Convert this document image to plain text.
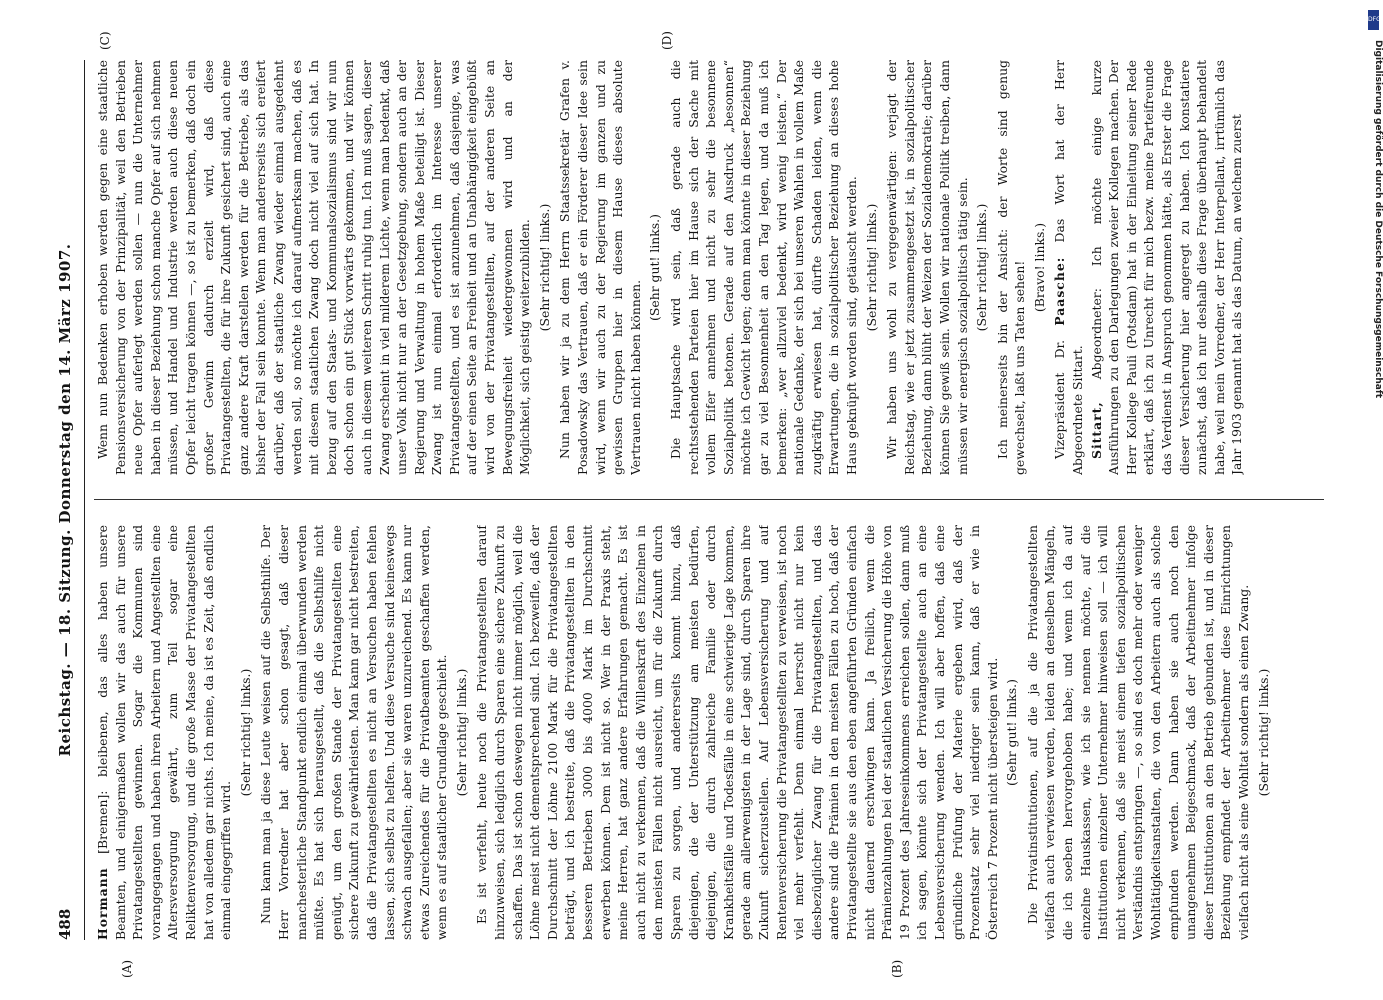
488
Reichstag. — 18. Sitzung. Donnerstag den 14. März 1907.
(A)	(B)
(C)	(D)

Hormann [Bremen]: bleibenen, das alles haben unsere Beamten, und einigermaßen wollen wir das auch für unsere Privatangestellten gewinnen. Sogar die Kommunen sind vorangegangen und haben ihren Arbeitern und Angestellten eine Altersversorgung gewährt, zum Teil sogar eine Reliktenversorgung, und die große Masse der Privatangestellten hat von alledem gar nichts. Ich meine, da ist es Zeit, daß endlich einmal eingegriffen wird.

(Sehr richtig! links.) Nun kann man ja diese Leute weisen auf die Selbsthilfe. Der Herr Vorredner hat aber schon gesagt, daß dieser manchesterliche Standpunkt endlich einmal überwunden werden müßte. Es hat sich herausgestellt, daß die Selbsthilfe nicht genügt, um den großen Stande der Privatangestellten eine sichere Zukunft zu gewährleisten. Man kann gar nicht bestreiten, daß die Privatangestellten es nicht an Versuchen haben fehlen lassen, sich selbst zu helfen. Und diese Versuche sind keineswegs schwach ausgefallen; aber sie waren unzureichend. Es kann nur etwas Zureichendes für die Privatbeamten geschaffen werden, wenn es auf staatlicher Grundlage geschieht. (Sehr richtig! links.) Es ist verfehlt, heute noch die Privatangestellten darauf hinzuweisen, sich lediglich durch Sparen eine sichere Zukunft zu schaffen. Das ist schon deswegen nicht immer möglich, weil die Löhne meist nicht dementsprechend sind. Ich bezweifle, daß der Durchschnitt der Löhne 2100 Mark für die Privatangestellten beträgt, und ich bestreite, daß die Privatangestellten in den besseren Betrieben 3000 bis 4000 Mark im Durchschnitt erwerben können. Dem ist nicht so. Wer in der Praxis steht, meine Herren, hat ganz andere Erfahrungen gemacht. Es ist auch nicht zu verkennen, daß die Willenskraft des Einzelnen in den meisten Fällen nicht ausreicht, um für die Zukunft durch Sparen zu sorgen, und andererseits kommt hinzu, daß diejenigen, die der Unterstützung am meisten bedürfen, diejenigen, die durch zahlreiche Familie oder durch Krankheitsfälle und Todesfälle in eine schwierige Lage kommen, gerade am allerwenigsten in der Lage sind, durch Sparen ihre Zukunft sicherzustellen. Auf Lebensversicherung und auf Rentenversicherung die Privatangestellten zu verweisen, ist noch viel mehr verfehlt. Denn einmal herrscht nicht nur kein diesbezüglicher Zwang für die Privatangestellten, und das andere sind die Prämien in den meisten Fällen zu hoch, daß der Privatangestellte sie aus den eben angeführten Gründen einfach nicht dauernd erschwingen kann. Ja freilich, wenn die Prämienzahlungen bei der staatlichen Versicherung die Höhe von 19 Prozent des Jahreseinkommens erreichen sollen, dann muß ich sagen, könnte sich der Privatangestellte auch an eine Lebensversicherung wenden. Ich will aber hoffen, daß eine gründliche Prüfung der Materie ergeben wird, daß der Prozentsatz sehr viel niedriger sein kann, daß er wie in Österreich 7 Prozent nicht übersteigen wird. (Sehr gut! links.) Die Privatinstitutionen, auf die ja die Privatangestellten vielfach auch verwiesen werden, leiden an denselben Mängeln, die ich soeben hervorgehoben habe; und wenn ich da auf einzelne Hauskassen, wie ich sie nennen möchte, auf die Institutionen einzelner Unternehmer hinweisen soll — ich will nicht verkennen, daß sie meist einem tiefen sozialpolitischen Verständnis entspringen —, so sind es doch mehr oder weniger Wohltätigkeitsanstalten, die von den Arbeitern auch als solche empfunden werden. Dann haben sie auch noch den unangenehmen Beigeschmack, daß der Arbeitnehmer infolge dieser Institutionen an den Betrieb gebunden ist, und in dieser Beziehung empfindet der Arbeitnehmer diese Einrichtungen vielfach nicht als eine Wohltat sondern als einen Zwang. (Sehr richtig! links.)

Wenn nun Bedenken erhoben werden gegen eine staatliche Pensionsversicherung von der Prinzipalität, weil den Betrieben neue Opfer auferlegt werden sollen — nun die Unternehmer haben in dieser Beziehung schon manche Opfer auf sich nehmen müssen, und Handel und Industrie werden auch diese neuen Opfer leicht tragen können —, so ist zu bemerken, daß doch ein großer Gewinn dadurch erzielt wird, daß diese Privatangestellten, die für ihre Zukunft gesichert sind, auch eine ganz andere Kraft darstellen werden für die Betriebe, als das bisher der Fall sein konnte. Wenn man andererseits sich ereifert darüber, daß der staatliche Zwang wieder einmal ausgedehnt werden soll, so möchte ich darauf aufmerksam machen, daß es mit diesem staatlichen Zwang doch nicht viel auf sich hat. In bezug auf den Staats- und Kommunalsozialismus sind wir nun doch schon ein gut Stück vorwärts gekommen, und wir können auch in diesem weiteren Schritt ruhig tun. Ich muß sagen, dieser Zwang erscheint in viel milderem Lichte, wenn man bedenkt, daß unser Volk nicht nur an der Gesetzgebung, sondern auch an der Regierung und Verwaltung in hohem Maße beteiligt ist. Dieser Zwang ist nun einmal erforderlich im Interesse unserer Privatangestellten, und es ist anzunehmen, daß dasjenige, was auf der einen Seite an Freiheit und an Unabhängigkeit eingebüßt wird von der Privatangestellten, auf der anderen Seite an Bewegungsfreiheit wiedergewonnen wird und an der Möglichkeit, sich geistig weiterzubilden. (Sehr richtig! links.) Nun haben wir ja zu dem Herrn Staatssekretär Grafen v. Posadowsky das Vertrauen, daß er ein Förderer dieser Idee sein wird, wenn wir auch zu der Regierung im ganzen und zu gewissen Gruppen hier in diesem Hause dieses absolute Vertrauen nicht haben können.

(Sehr gut! links.) Die Hauptsache wird sein, daß gerade auch die rechtsstehenden Parteien hier im Hause sich der Sache mit vollem Eifer annehmen und nicht zu sehr die besonnene Sozialpolitik betonen. Gerade auf den Ausdruck „besonnen“ möchte ich Gewicht legen; denn man könnte in dieser Beziehung gar zu viel Besonnenheit an den Tag legen, und da muß ich bemerken: „wer allzuviel bedenkt, wird wenig leisten.“ Der nationale Gedanke, der sich bei unseren Wahlen in vollem Maße zugkräftig erwiesen hat, dürfte Schaden leiden, wenn die Erwartungen, die in sozialpolitischer Beziehung an dieses hohe Haus geknüpft worden sind, getäuscht werden. (Sehr richtig! links.) Wir haben uns wohl zu vergegenwärtigen: verjagt der Reichstag, wie er jetzt zusammengesetzt ist, in sozialpolitischer Beziehung, dann blüht der Weizen der Sozialdemokratie; darüber können Sie gewiß sein. Wollen wir nationale Politik treiben, dann müssen wir energisch sozialpolitisch tätig sein. (Sehr richtig! links.) Ich meinerseits bin der Ansicht: der Worte sind genug gewechselt, laßt uns Taten sehen! (Bravo! links.)

Vizepräsident Dr. Paasche: Das Wort hat der Herr Abgeordnete Sittart. Sittart, Abgeordneter: Ich möchte einige kurze Ausführungen zu den Darlegungen zweier Kollegen machen. Der Herr Kollege Pauli (Potsdam) hat in der Einleitung seiner Rede erklärt, daß ich zu Unrecht für mich bezw. meine Parteifreunde das Verdienst in Anspruch genommen hätte, als Erster die Frage dieser Versicherung hier angeregt zu haben. Ich konstatiere zunächst, daß ich nur deshalb diese Frage überhaupt behandelt habe, weil mein Vorredner, der Herr Interpellant, irrtümlich das Jahr 1903 genannt hat als das Datum, an welchem zuerst

DFG
Digitalisierung gefördert durch die Deutsche Forschungsgemeinschaft
